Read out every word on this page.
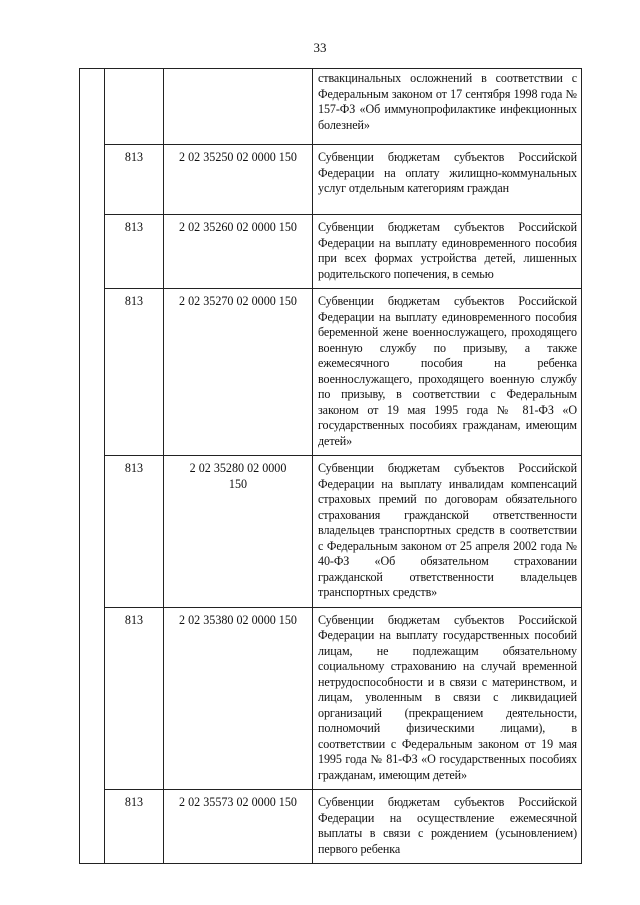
33
			ствакцинальных осложнений в соответствии с Федеральным законом от 17 сентября 1998 года № 157-ФЗ «Об иммунопрофилактике инфекционных болезней»
	813	2 02 35250 02 0000 150	Субвенции бюджетам субъектов Российской Федерации на оплату жилищно-коммунальных услуг отдельным категориям граждан
	813	2 02 35260 02 0000 150	Субвенции бюджетам субъектов Российской Федерации на выплату единовременного пособия при всех формах устройства детей, лишенных родительского попечения, в семью
	813	2 02 35270 02 0000 150	Субвенции бюджетам субъектов Российской Федерации на выплату единовременного пособия беременной жене военнослужащего, проходящего военную службу по призыву, а также ежемесячного пособия на ребенка военнослужащего, проходящего военную службу по призыву, в соответствии с Федеральным законом от 19 мая 1995 года № 81-ФЗ «О государственных пособиях гражданам, имеющим детей»
	813	2 02 35280 02 0000 150	Субвенции бюджетам субъектов Российской Федерации на выплату инвалидам компенсаций страховых премий по договорам обязательного страхования гражданской ответственности владельцев транспортных средств в соответствии с Федеральным законом от 25 апреля 2002 года № 40-ФЗ «Об обязательном страховании гражданской ответственности владельцев транспортных средств»
	813	2 02 35380 02 0000 150	Субвенции бюджетам субъектов Российской Федерации на выплату государственных пособий лицам, не подлежащим обязательному социальному страхованию на случай временной нетрудоспособности и в связи с материнством, и лицам, уволенным в связи с ликвидацией организаций (прекращением деятельности, полномочий физическими лицами), в соответствии с Федеральным законом от 19 мая 1995 года № 81-ФЗ «О государственных пособиях гражданам, имеющим детей»
	813	2 02 35573 02 0000 150	Субвенции бюджетам субъектов Российской Федерации на осуществление ежемесячной выплаты в связи с рождением (усыновлением) первого ребенка
